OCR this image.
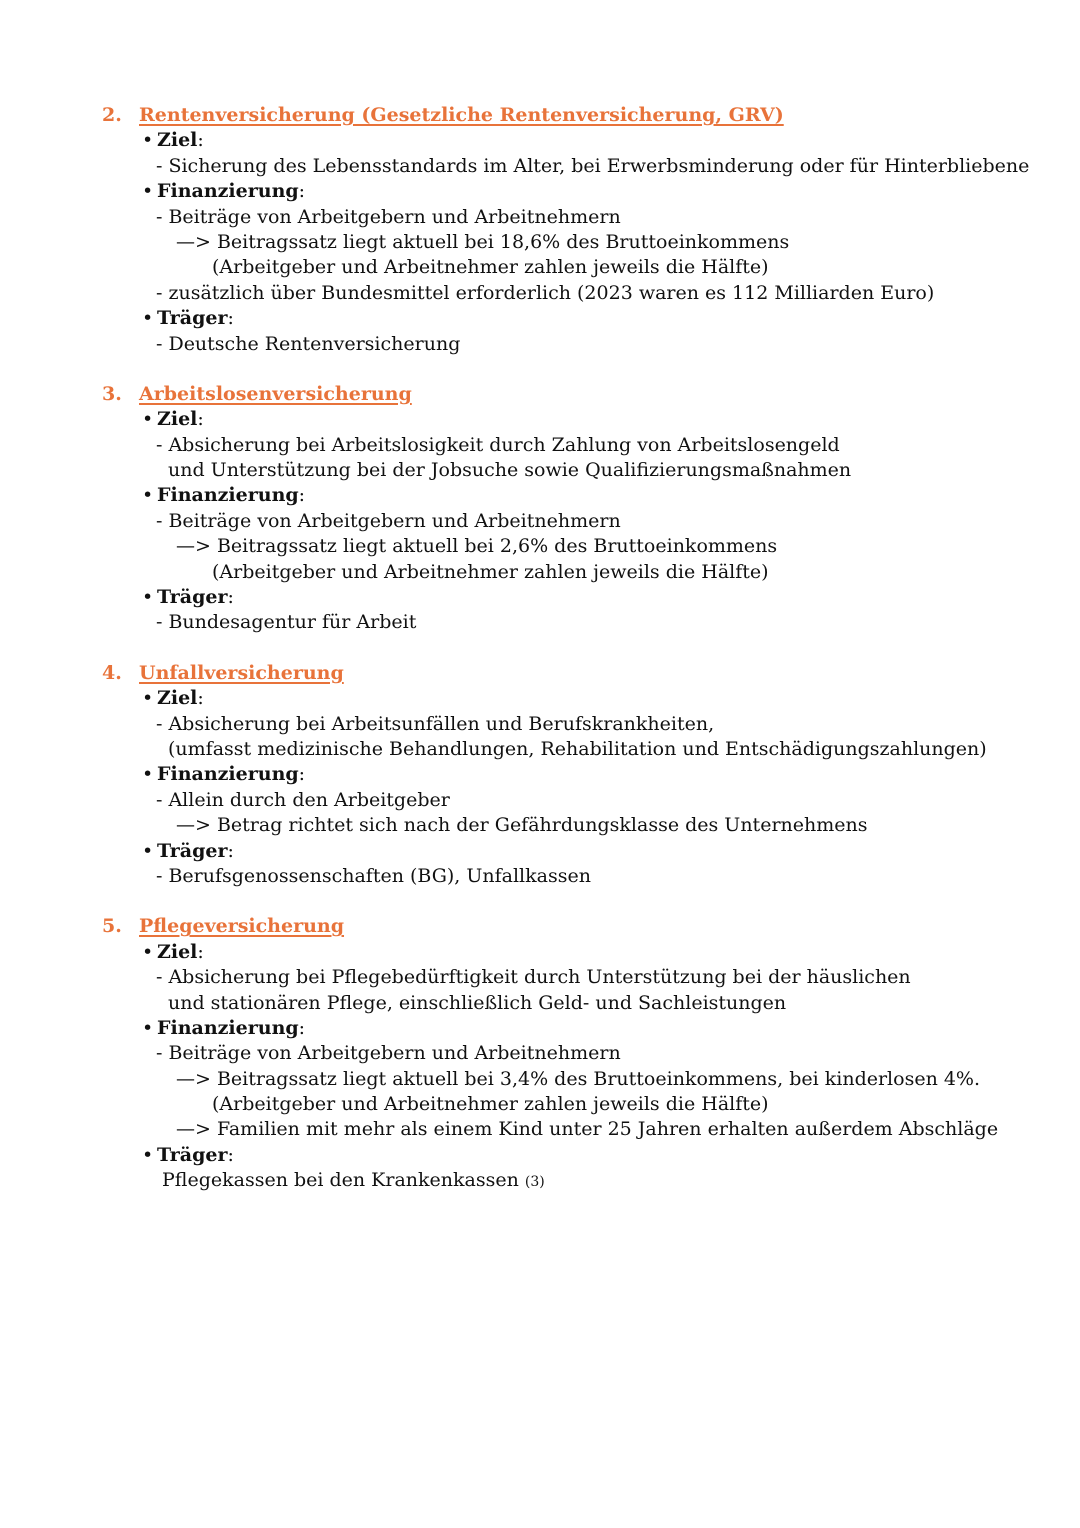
2. Rentenversicherung (Gesetzliche Rentenversicherung, GRV)
• Ziel:
- Sicherung des Lebensstandards im Alter, bei Erwerbsminderung oder für Hinterbliebene
• Finanzierung:
- Beiträge von Arbeitgebern und Arbeitnehmern
—> Beitragssatz liegt aktuell bei 18,6% des Bruttoeinkommens
(Arbeitgeber und Arbeitnehmer zahlen jeweils die Hälfte)
- zusätzlich über Bundesmittel erforderlich (2023 waren es 112 Milliarden Euro)
• Träger:
- Deutsche Rentenversicherung
3. Arbeitslosenversicherung
• Ziel:
- Absicherung bei Arbeitslosigkeit durch Zahlung von Arbeitslosengeld
und Unterstützung bei der Jobsuche sowie Qualifizierungsmaßnahmen
• Finanzierung:
- Beiträge von Arbeitgebern und Arbeitnehmern
—> Beitragssatz liegt aktuell bei 2,6% des Bruttoeinkommens
(Arbeitgeber und Arbeitnehmer zahlen jeweils die Hälfte)
• Träger:
- Bundesagentur für Arbeit
4. Unfallversicherung
• Ziel:
- Absicherung bei Arbeitsunfällen und Berufskrankheiten,
(umfasst medizinische Behandlungen, Rehabilitation und Entschädigungszahlungen)
• Finanzierung:
- Allein durch den Arbeitgeber
—> Betrag richtet sich nach der Gefährdungsklasse des Unternehmens
• Träger:
- Berufsgenossenschaften (BG), Unfallkassen
5. Pflegeversicherung
• Ziel:
- Absicherung bei Pflegebedürftigkeit durch Unterstützung bei der häuslichen
und stationären Pflege, einschließlich Geld- und Sachleistungen
• Finanzierung:
- Beiträge von Arbeitgebern und Arbeitnehmern
—> Beitragssatz liegt aktuell bei 3,4% des Bruttoeinkommens, bei kinderlosen 4%.
(Arbeitgeber und Arbeitnehmer zahlen jeweils die Hälfte)
—> Familien mit mehr als einem Kind unter 25 Jahren erhalten außerdem Abschläge
• Träger:
Pflegekassen bei den Krankenkassen (3)
